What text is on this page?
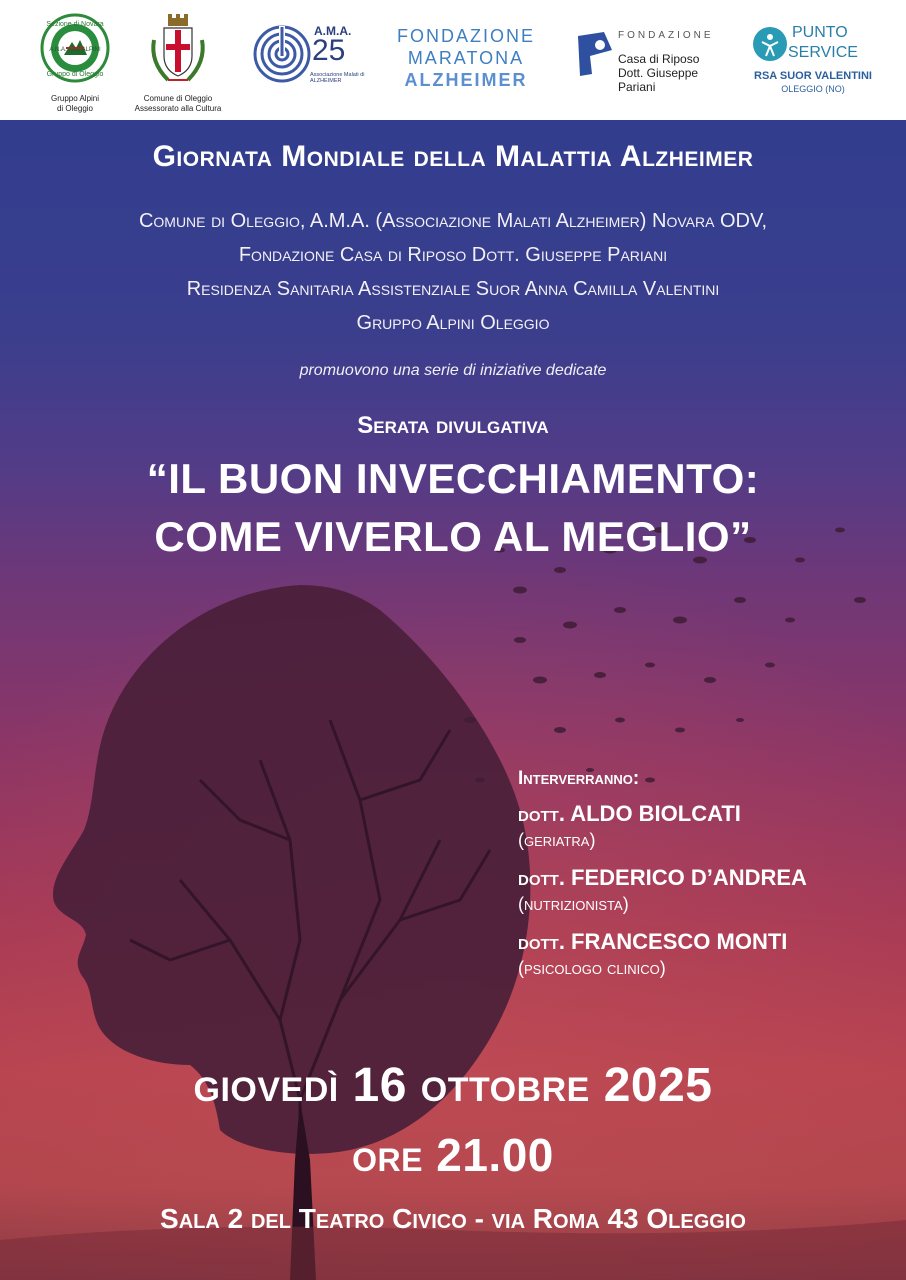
Sezione di Novara
A.N.A. NAZ ALPINI
Gruppo di Oleggio
Gruppo Alpini
di Oleggio
Comune di Oleggio
Assessorato alla Cultura
A.M.A.
25
Associazione Malati di ALZHEIMER
FONDAZIONE
MARATONA
ALZHEIMER
FONDAZIONE
Casa di Riposo
Dott. Giuseppe Pariani
PUNTO
SERVICE
RSA SUOR VALENTINI
OLEGGIO (NO)
Giornata Mondiale della Malattia Alzheimer
Comune di Oleggio, A.M.A. (Associazione Malati Alzheimer) Novara ODV,
Fondazione Casa di Riposo Dott. Giuseppe Pariani
Residenza Sanitaria Assistenziale Suor Anna Camilla Valentini
Gruppo Alpini Oleggio
promuovono una serie di iniziative dedicate
Serata divulgativa
“IL BUON INVECCHIAMENTO:
COME VIVERLO AL MEGLIO”
Interverranno:
dott. ALDO BIOLCATI
(geriatra)
dott. FEDERICO D’ANDREA
(nutrizionista)
dott. FRANCESCO MONTI
(psicologo clinico)
giovedì 16 ottobre 2025
ore 21.00
Sala 2 del Teatro Civico - via Roma 43 Oleggio
